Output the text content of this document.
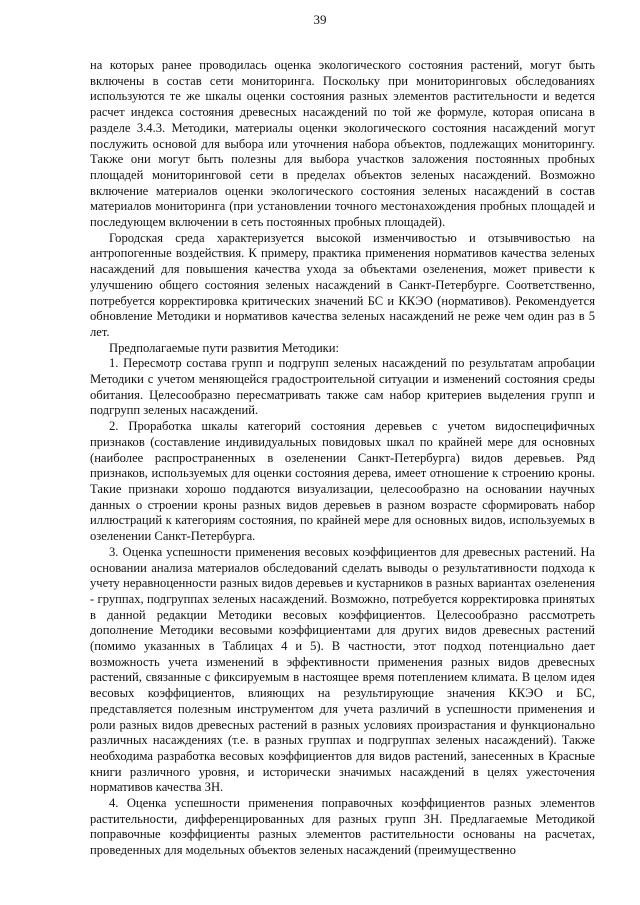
39

на которых ранее проводилась оценка экологического состояния растений, могут быть включены в состав сети мониторинга. Поскольку при мониторинговых обследованиях используются те же шкалы оценки состояния разных элементов растительности и ведется расчет индекса состояния древесных насаждений по той же формуле, которая описана в разделе 3.4.3. Методики, материалы оценки экологического состояния насаждений могут послужить основой для выбора или уточнения набора объектов, подлежащих мониторингу. Также они могут быть полезны для выбора участков заложения постоянных пробных площадей мониторинговой сети в пределах объектов зеленых насаждений. Возможно включение материалов оценки экологического состояния зеленых насаждений в состав материалов мониторинга (при установлении точного местонахождения пробных площадей и последующем включении в сеть постоянных пробных площадей).

Городская среда характеризуется высокой изменчивостью и отзывчивостью на антропогенные воздействия. К примеру, практика применения нормативов качества зеленых насаждений для повышения качества ухода за объектами озеленения, может привести к улучшению общего состояния зеленых насаждений в Санкт-Петербурге. Соответственно, потребуется корректировка критических значений БС и ККЭО (нормативов). Рекомендуется обновление Методики и нормативов качества зеленых насаждений не реже чем один раз в 5 лет.

Предполагаемые пути развития Методики:

1. Пересмотр состава групп и подгрупп зеленых насаждений по результатам апробации Методики с учетом меняющейся градостроительной ситуации и изменений состояния среды обитания. Целесообразно пересматривать также сам набор критериев выделения групп и подгрупп зеленых насаждений.

2. Проработка шкалы категорий состояния деревьев с учетом видоспецифичных признаков (составление индивидуальных повидовых шкал по крайней мере для основных (наиболее распространенных в озеленении Санкт-Петербурга) видов деревьев. Ряд признаков, используемых для оценки состояния дерева, имеет отношение к строению кроны. Такие признаки хорошо поддаются визуализации, целесообразно на основании научных данных о строении кроны разных видов деревьев в разном возрасте сформировать набор иллюстраций к категориям состояния, по крайней мере для основных видов, используемых в озеленении Санкт-Петербурга.

3. Оценка успешности применения весовых коэффициентов для древесных растений. На основании анализа материалов обследований сделать выводы о результативности подхода к учету неравноценности разных видов деревьев и кустарников в разных вариантах озеленения - группах, подгруппах зеленых насаждений. Возможно, потребуется корректировка принятых в данной редакции Методики весовых коэффициентов. Целесообразно рассмотреть дополнение Методики весовыми коэффициентами для других видов древесных растений (помимо указанных в Таблицах 4 и 5). В частности, этот подход потенциально дает возможность учета изменений в эффективности применения разных видов древесных растений, связанные с фиксируемым в настоящее время потеплением климата. В целом идея весовых коэффициентов, влияющих на результирующие значения ККЭО и БС, представляется полезным инструментом для учета различий в успешности применения и роли разных видов древесных растений в разных условиях произрастания и функционально различных насаждениях (т.е. в разных группах и подгруппах зеленых насаждений). Также необходима разработка весовых коэффициентов для видов растений, занесенных в Красные книги различного уровня, и исторически значимых насаждений в целях ужесточения нормативов качества ЗН.

4. Оценка успешности применения поправочных коэффициентов разных элементов растительности, дифференцированных для разных групп ЗН. Предлагаемые Методикой поправочные коэффициенты разных элементов растительности основаны на расчетах, проведенных для модельных объектов зеленых насаждений (преимущественно
